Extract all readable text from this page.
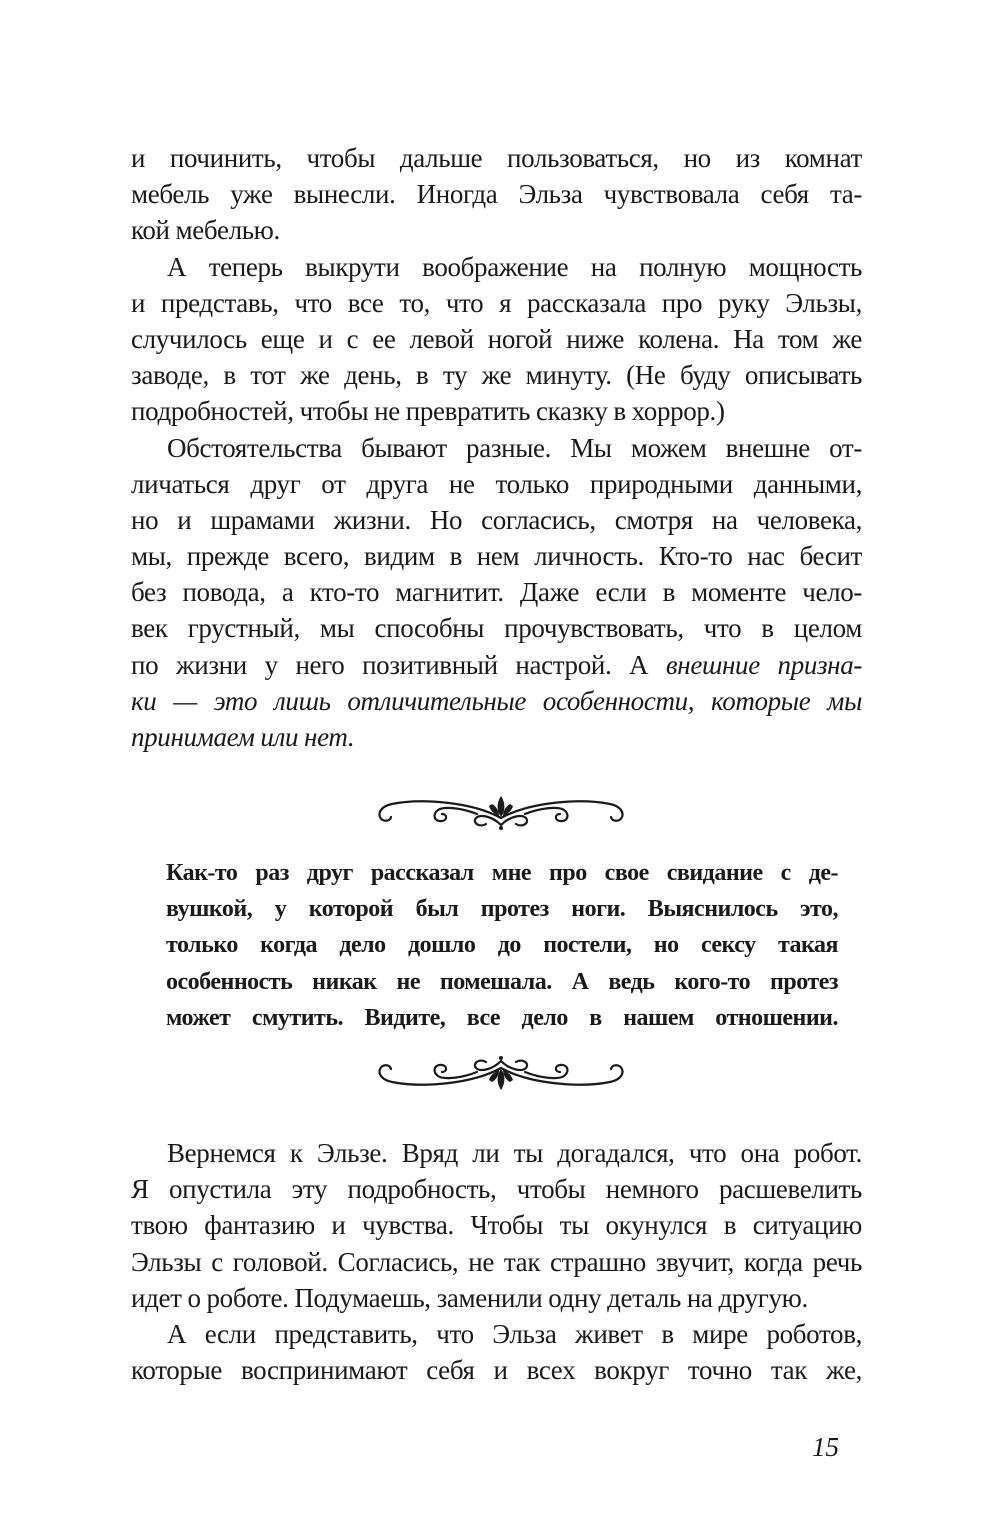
и починить, чтобы дальше пользоваться, но из комнат
мебель уже вынесли. Иногда Эльза чувствовала себя та-
кой мебелью.
А теперь выкрути воображение на полную мощность
и представь, что все то, что я рассказала про руку Эльзы,
случилось еще и с ее левой ногой ниже колена. На том же
заводе, в тот же день, в ту же минуту. (Не буду описывать
подробностей, чтобы не превратить сказку в хоррор.)
Обстоятельства бывают разные. Мы можем внешне от-
личаться друг от друга не только природными данными,
но и шрамами жизни. Но согласись, смотря на человека,
мы, прежде всего, видим в нем личность. Кто-то нас бесит
без повода, а кто-то магнитит. Даже если в моменте чело-
век грустный, мы способны прочувствовать, что в целом
по жизни у него позитивный настрой. А внешние призна-
ки — это лишь отличительные особенности, которые мы
принимаем или нет.
Как-то раз друг рассказал мне про свое свидание с де-
вушкой, у которой был протез ноги. Выяснилось это,
только когда дело дошло до постели, но сексу такая
особенность никак не помешала. А ведь кого-то протез
может смутить. Видите, все дело в нашем отношении.
Вернемся к Эльзе. Вряд ли ты догадался, что она робот.
Я опустила эту подробность, чтобы немного расшевелить
твою фантазию и чувства. Чтобы ты окунулся в ситуацию
Эльзы с головой. Согласись, не так страшно звучит, когда речь
идет о роботе. Подумаешь, заменили одну деталь на другую.
А если представить, что Эльза живет в мире роботов,
которые воспринимают себя и всех вокруг точно так же,
15
